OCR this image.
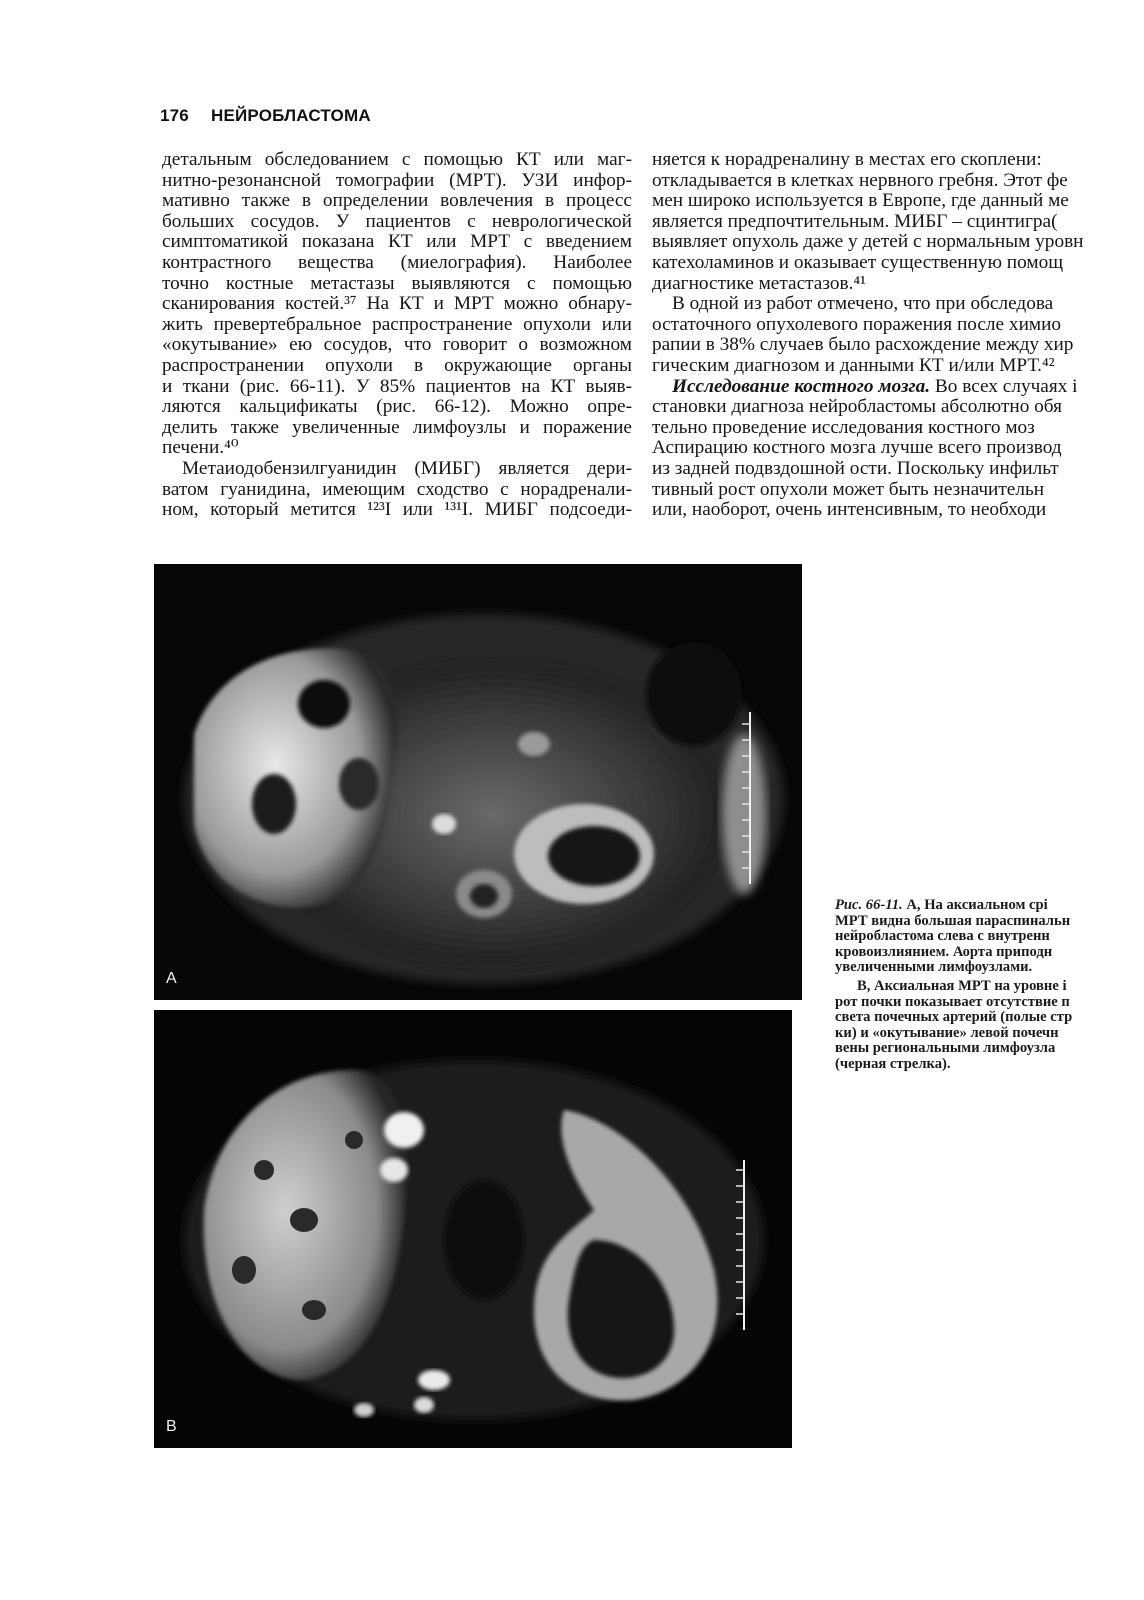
176 НЕЙРОБЛАСТОМА
детальным обследованием с помощью КТ или маг-
нитно-резонансной томографии (МРТ). УЗИ инфор-
мативно также в определении вовлечения в процесс
больших сосудов. У пациентов с неврологической
симптоматикой показана КТ или МРТ с введением
контрастного вещества (миелография). Наиболее
точно костные метастазы выявляются с помощью
сканирования костей.³⁷ На КТ и МРТ можно обнару-
жить превертебральное распространение опухоли или
«окутывание» ею сосудов, что говорит о возможном
распространении опухоли в окружающие органы
и ткани (рис. 66-11). У 85% пациентов на КТ выяв-
ляются кальцификаты (рис. 66-12). Можно опре-
делить также увеличенные лимфоузлы и поражение
печени.⁴⁰
Метаиодобензилгуанидин (МИБГ) является дери-
ватом гуанидина, имеющим сходство с норадренали-
ном, который метится ¹²³I или ¹³¹I. МИБГ подсоеди-
няется к норадреналину в местах его скоплени:
откладывается в клетках нервного гребня. Этот фе
мен широко используется в Европе, где данный ме
является предпочтительным. МИБГ – сцинтигра(
выявляет опухоль даже у детей с нормальным уровн
катехоламинов и оказывает существенную помощ
диагностике метастазов.⁴¹
В одной из работ отмечено, что при обследова
остаточного опухолевого поражения после химио
рапии в 38% случаев было расхождение между хир
гическим диагнозом и данными КТ и/или МРТ.⁴²
Исследование костного мозга. Во всех случаях і
становки диагноза нейробластомы абсолютно обя
тельно проведение исследования костного моз
Аспирацию костного мозга лучше всего производ
из задней подвздошной ости. Поскольку инфильт
тивный рост опухоли может быть незначительн
или, наоборот, очень интенсивным, то необходи
A
B
Рис. 66-11. А, На аксиальном срі
МРТ видна большая параспинальн
нейробластома слева с внутренн
кровоизлиянием. Аорта приподн
увеличенными лимфоузлами.
В, Аксиальная МРТ на уровне і
рот почки показывает отсутствие п
света почечных артерий (полые стр
ки) и «окутывание» левой почечн
вены региональными лимфоузла
(черная стрелка).
